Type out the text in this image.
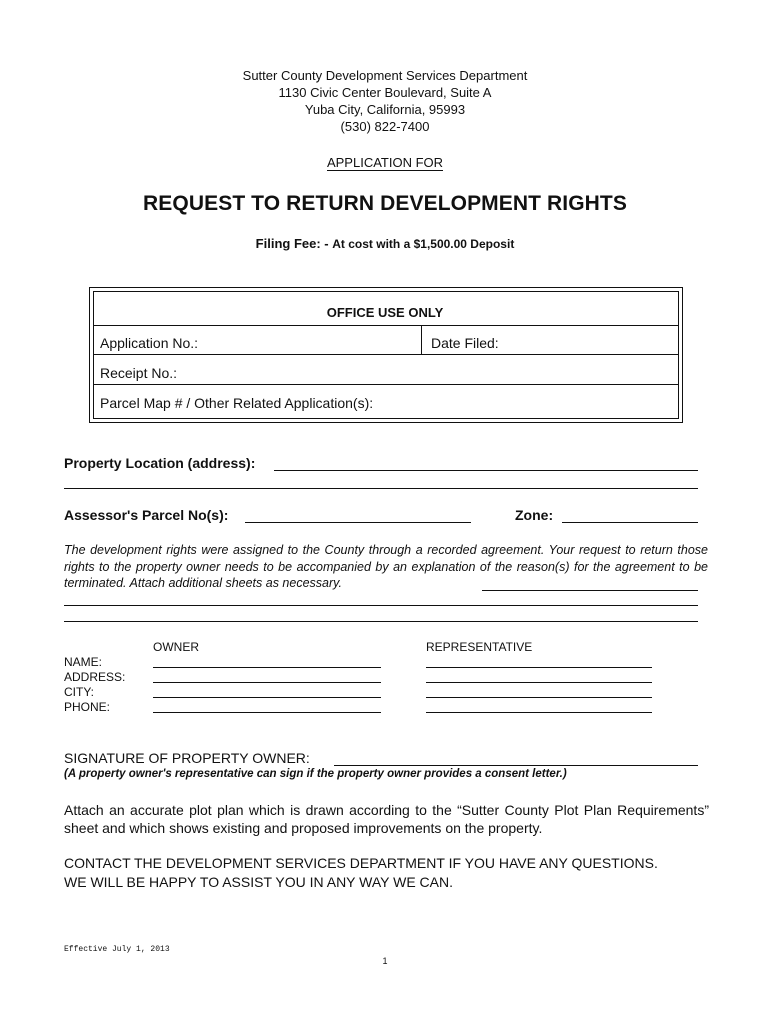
Sutter County Development Services Department
1130 Civic Center Boulevard, Suite A
Yuba City, California, 95993
(530) 822-7400
APPLICATION FOR
REQUEST TO RETURN DEVELOPMENT RIGHTS
Filing Fee: - At cost with a $1,500.00 Deposit
OFFICE USE ONLY
Application No.:	Date Filed:
Receipt No.:
Parcel Map # / Other Related Application(s):
Property Location (address):
Assessor's Parcel No(s):	Zone:
The development rights were assigned to the County through a recorded agreement. Your request to return those rights to the property owner needs to be accompanied by an explanation of the reason(s) for the agreement to be terminated. Attach additional sheets as necessary.
OWNER	REPRESENTATIVE
NAME:
ADDRESS:
CITY:
PHONE:
SIGNATURE OF PROPERTY OWNER:
(A property owner's representative can sign if the property owner provides a consent letter.)
Attach an accurate plot plan which is drawn according to the “Sutter County Plot Plan Requirements” sheet and which shows existing and proposed improvements on the property.
CONTACT THE DEVELOPMENT SERVICES DEPARTMENT IF YOU HAVE ANY QUESTIONS.
WE WILL BE HAPPY TO ASSIST YOU IN ANY WAY WE CAN.
Effective July 1, 2013
1
